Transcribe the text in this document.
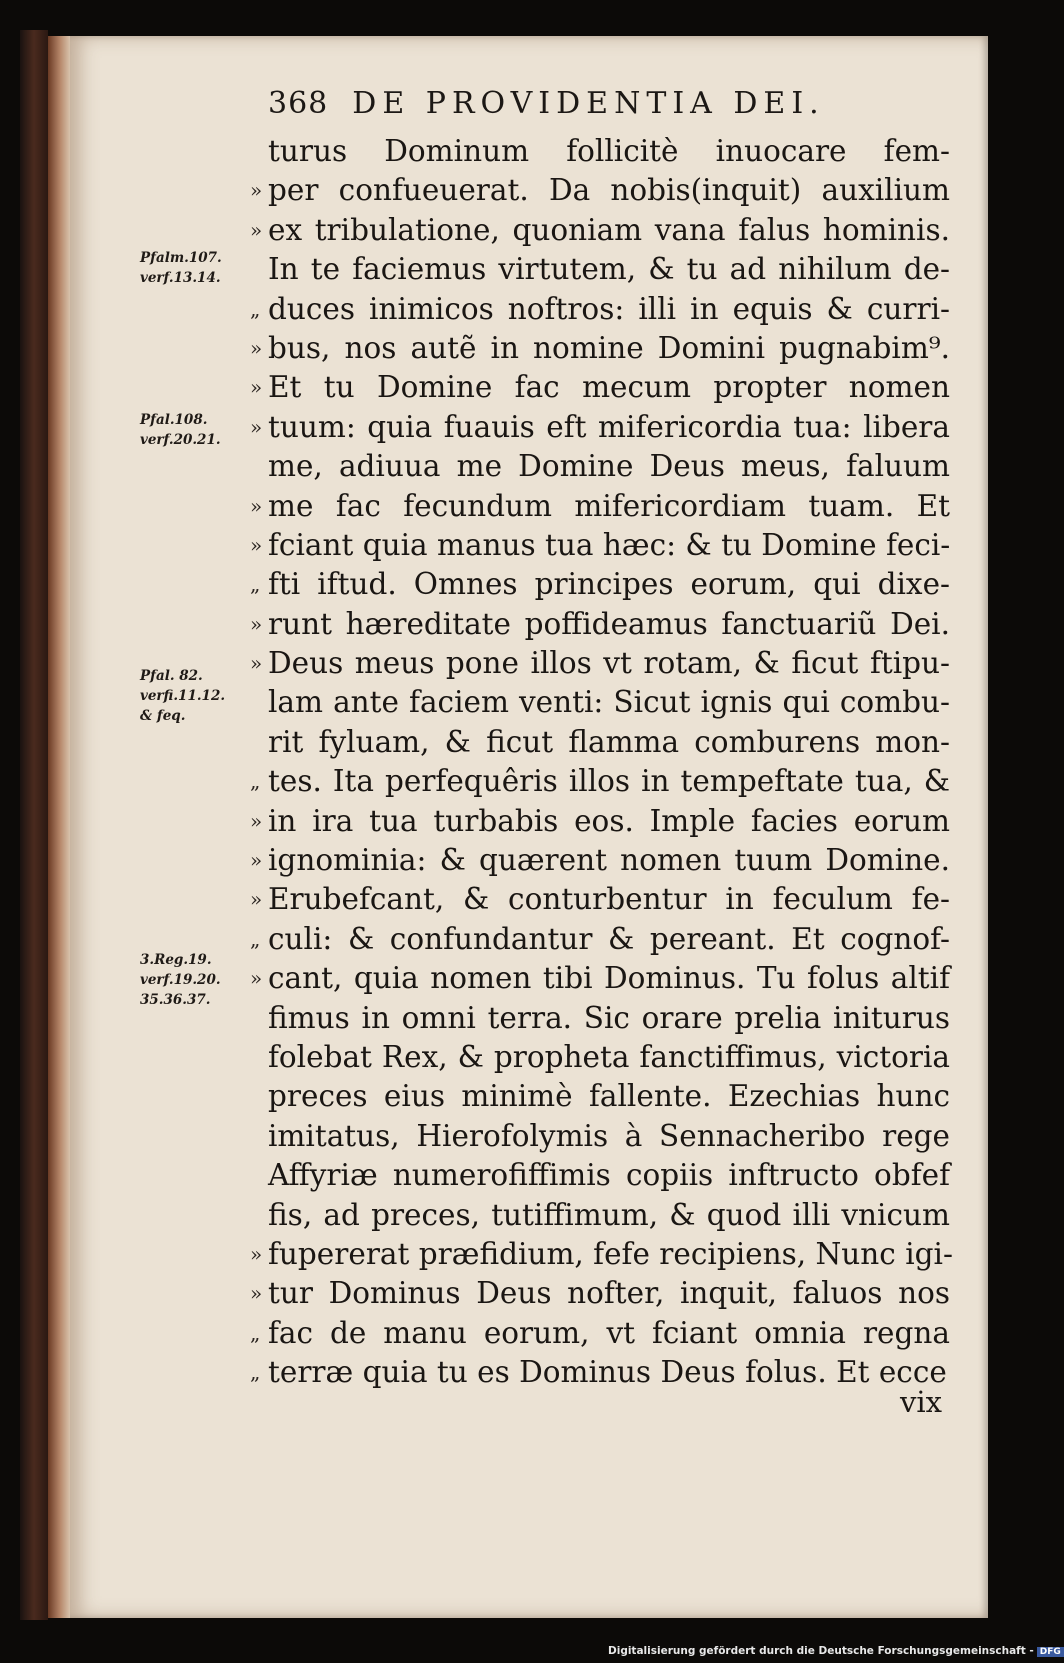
368 DE PROVIDENTIA DEI.
turus Dominum follicitè inuocare fem-
» per confueuerat. Da nobis(inquit) auxilium
» ex tribulatione, quoniam vana falus hominis.
In te faciemus virtutem, & tu ad nihilum de-
„ duces inimicos noftros: illi in equis & curri-
» bus, nos autẽ in nomine Domini pugnabim⁹.
» Et tu Domine fac mecum propter nomen
» tuum: quia fuauis eft mifericordia tua: libera
me, adiuua me Domine Deus meus, faluum
» me fac fecundum mifericordiam tuam. Et
» fciant quia manus tua hæc: & tu Domine feci-
„ fti iftud. Omnes principes eorum, qui dixe-
» runt hæreditate poffideamus fanctuariũ Dei.
» Deus meus pone illos vt rotam, & ficut ftipu-
lam ante faciem venti: Sicut ignis qui combu-
rit fyluam, & ficut flamma comburens mon-
„ tes. Ita perfequêris illos in tempeftate tua, &
» in ira tua turbabis eos. Imple facies eorum
» ignominia: & quærent nomen tuum Domine.
» Erubefcant, & conturbentur in feculum fe-
„ culi: & confundantur & pereant. Et cognof-
» cant, quia nomen tibi Dominus. Tu folus altif
fimus in omni terra. Sic orare prelia initurus
folebat Rex, & propheta fanctiffimus, victoria
preces eius minimè fallente. Ezechias hunc
imitatus, Hierofolymis à Sennacheribo rege
Affyriæ numerofiffimis copiis inftructo obfef
fis, ad preces, tutiffimum, & quod illi vnicum
» fupererat præfidium, fefe recipiens, Nunc igi-
» tur Dominus Deus nofter, inquit, faluos nos
„ fac de manu eorum, vt fciant omnia regna
„ terræ quia tu es Dominus Deus folus. Et ecce
Pfalm.107.
verf.13.14.
Pfal.108.
verf.20.21.
Pfal. 82.
verfi.11.12.
& feq.
3.Reg.19.
verf.19.20.
35.36.37.
vix
Digitalisierung gefördert durch die Deutsche Forschungsgemeinschaft - DFG
